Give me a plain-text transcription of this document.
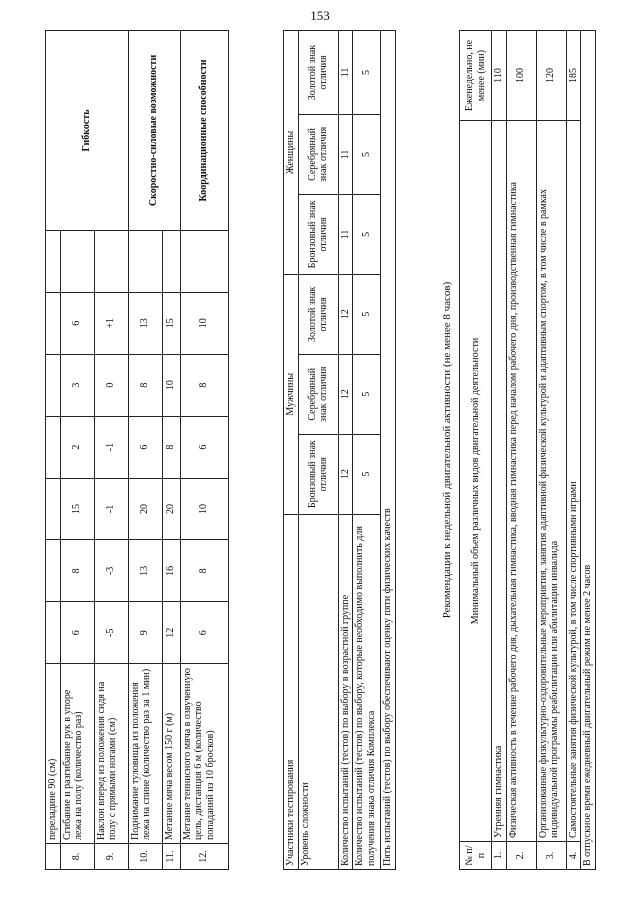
153
	переладине 90 (см)								Гибкость
8.	Сгибание и разгибание рук в упоре лежа на полу (количество раз)	6	8	15	2	3	6		
9.	Наклон вперед из положения сидя на полу с прямыми ногами (см)	-5	-3	-1	-1	0	+1		
10.	Поднимание туловища из положения лежа на спине (количество раз за 1 мин)	9	13	20	6	8	13		Скоростно-силовые возможности
11.	Метание мяча весом 150 г (м)	12	16	20	8	10	15		
12.	Метание теннисного мяча в озвученную цель, дистанция 6 м (количество попаданий из 10 бросков)	6	8	10	6	8	10		Координационные способности
Участники тестирования	Мужчины			Женщины		
Уровень сложности	Бронзовый знак отличия	Серебряный знак отличия	Золотой знак отличия	Бронзовый знак отличия	Серебряный знак отличия	Золотой знак отличия
Количество испытаний (тестов) по выбору в возрастной группе	12	12	12	11	11	11
Количество испытаний (тестов) по выбору, которые необходимо выполнить для получения знака отличия Комплекса	5	5	5	5	5	5
Пять испытаний (тестов) по выбору обеспечивают оценку пяти физических качеств						
Рекомендации к недельной двигательной активности (не менее 8 часов)
№ п/п	Минимальный объем различных видов двигательной деятельности	Еженедельно, не менее (мин)
1.	Утренняя гимнастика	110
2.	Физическая активность в течение рабочего дня, дыхательная гимнастика, вводная гимнастика перед началом рабочего дня, производственная гимнастика	100
3.	Организованные физкультурно-оздоровительные мероприятия, занятия адаптивной физической культурой и адаптивным спортом, в том числе в рамках индивидуальной программы реабилитации или абилитации инвалида	120
4.	Самостоятельные занятия физической культурой, в том числе спортивными играми	185
В отпускное время ежедневный двигательный режим не менее 2 часов		
